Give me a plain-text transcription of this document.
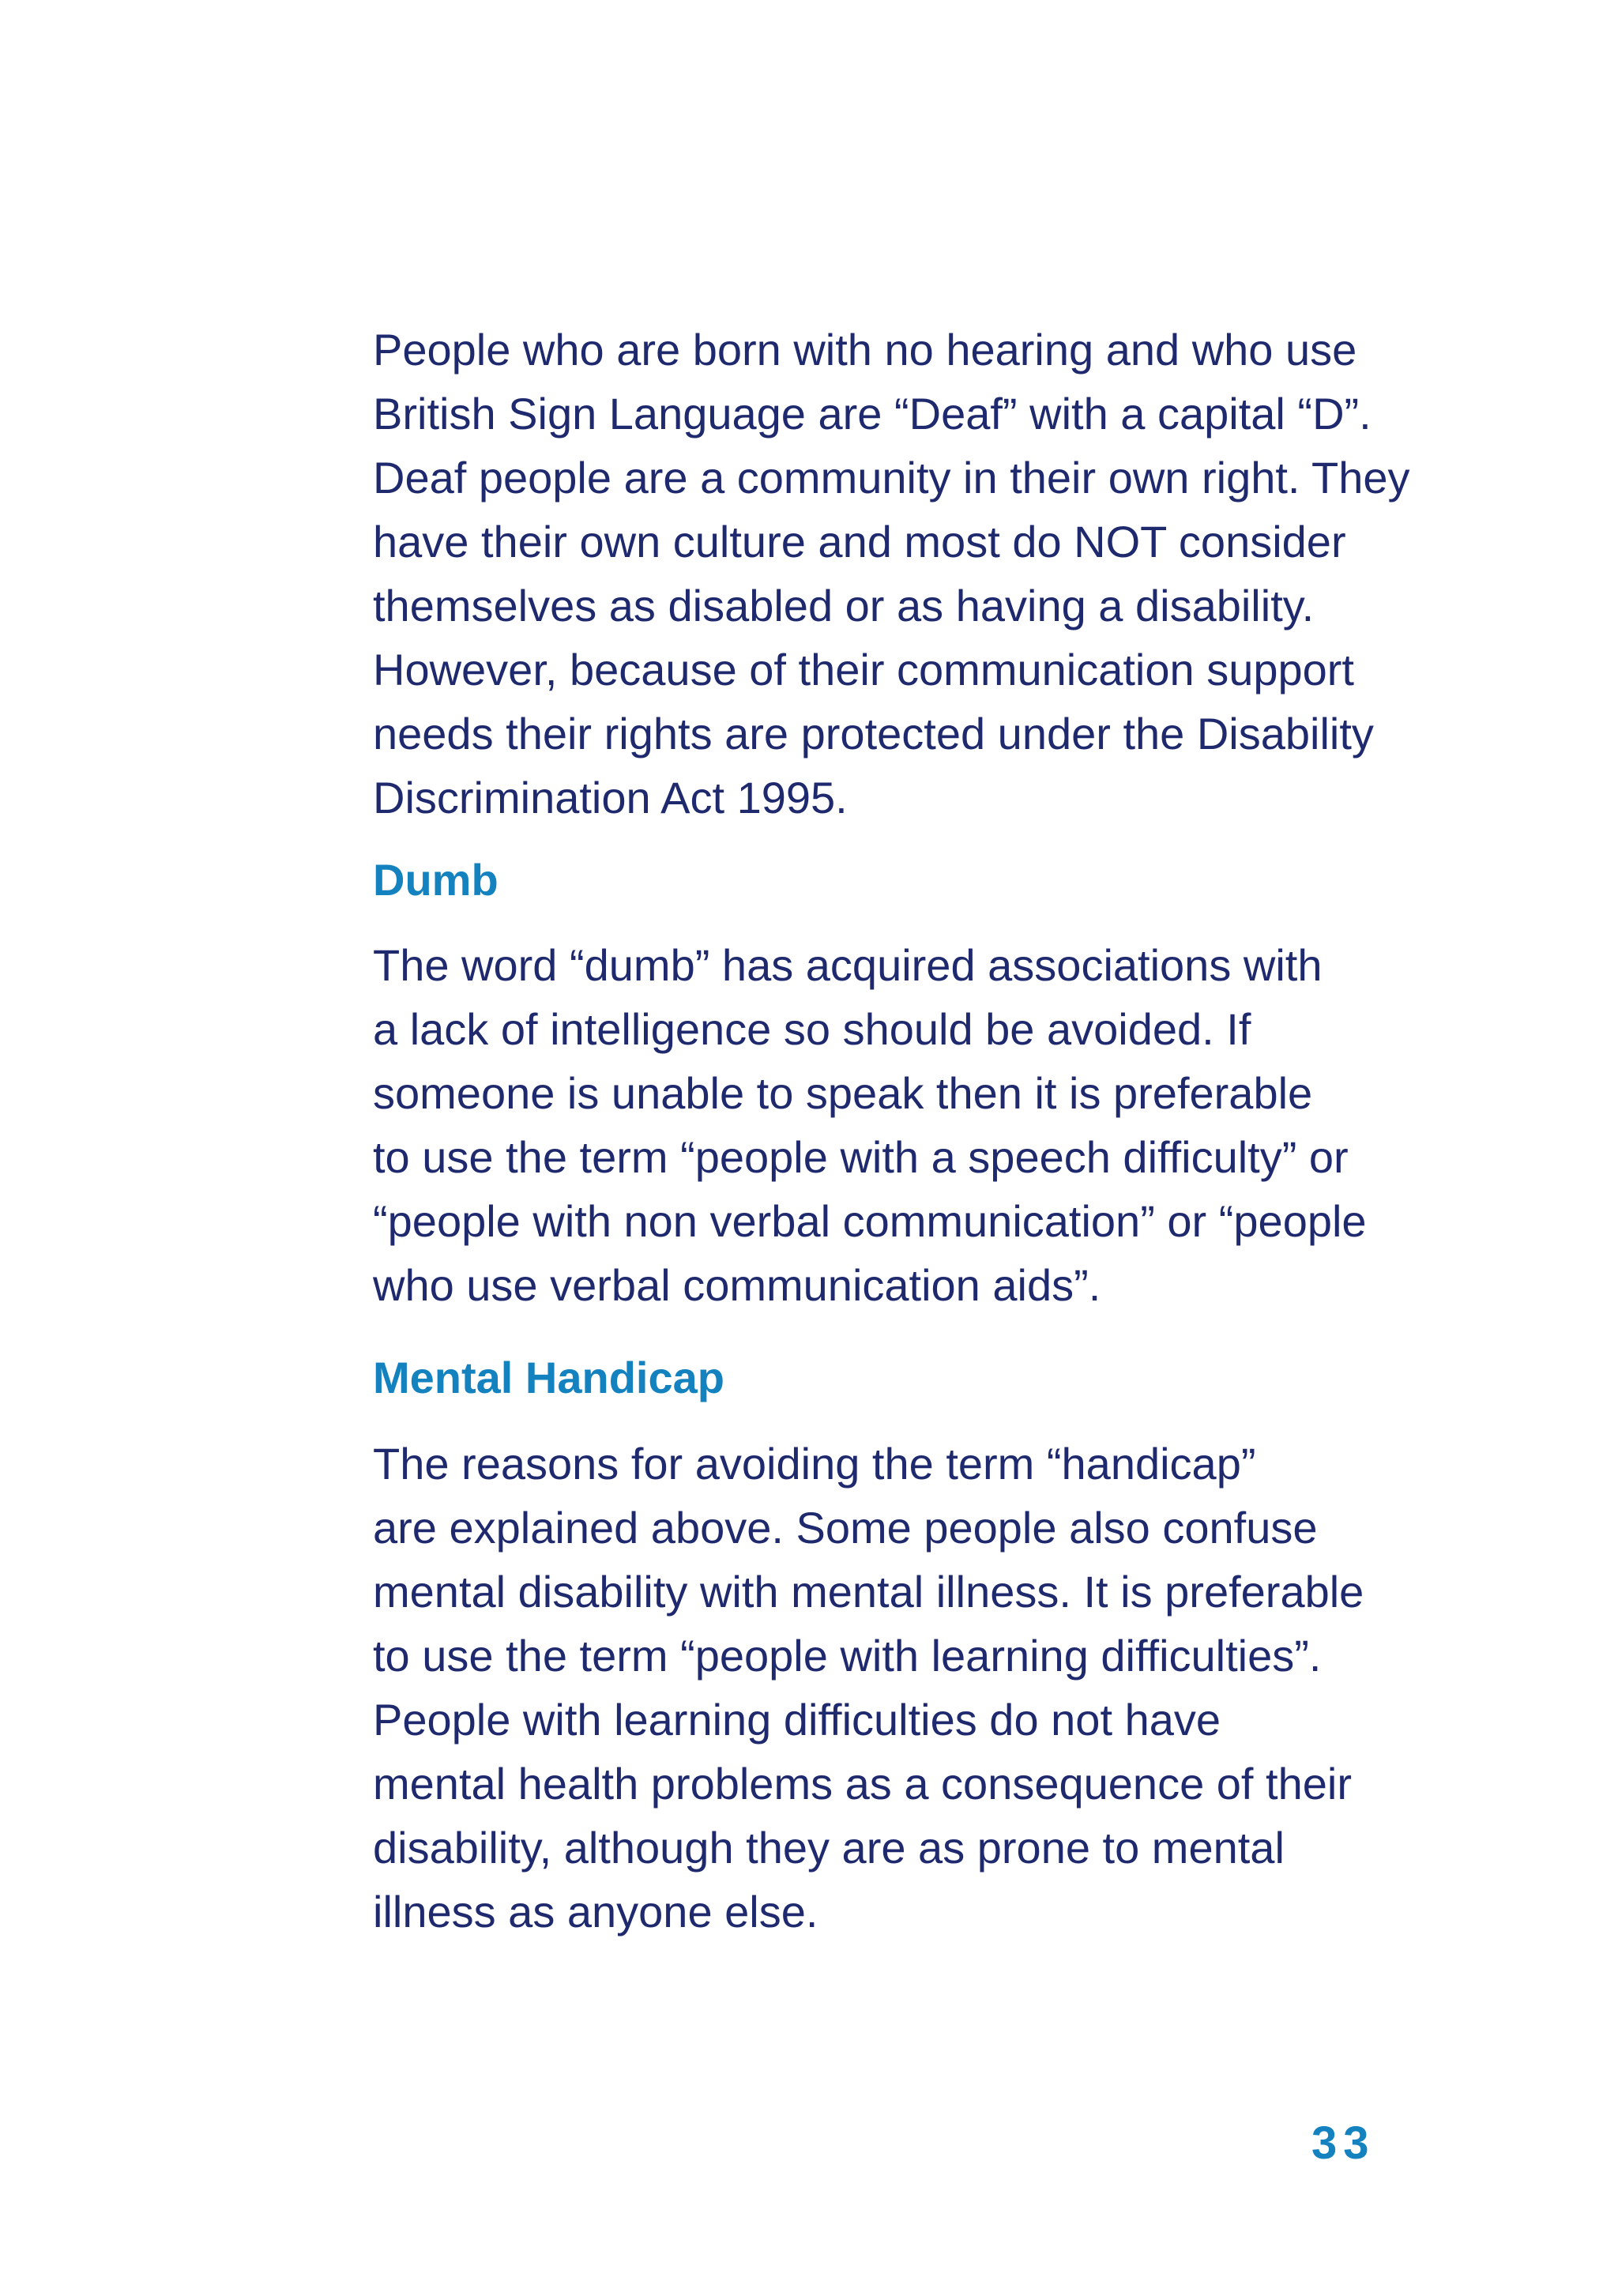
People who are born with no hearing and who use
British Sign Language are “Deaf” with a capital “D”.
Deaf people are a community in their own right. They
have their own culture and most do NOT consider
themselves as disabled or as having a disability.
However, because of their communication support
needs their rights are protected under the Disability
Discrimination Act 1995.

Dumb

The word “dumb” has acquired associations with
a lack of intelligence so should be avoided. If
someone is unable to speak then it is preferable
to use the term “people with a speech difficulty” or
“people with non verbal communication” or “people
who use verbal communication aids”.

Mental Handicap

The reasons for avoiding the term “handicap”
are explained above. Some people also confuse
mental disability with mental illness. It is preferable
to use the term “people with learning difficulties”.
People with learning difficulties do not have
mental health problems as a consequence of their
disability, although they are as prone to mental
illness as anyone else.

33
